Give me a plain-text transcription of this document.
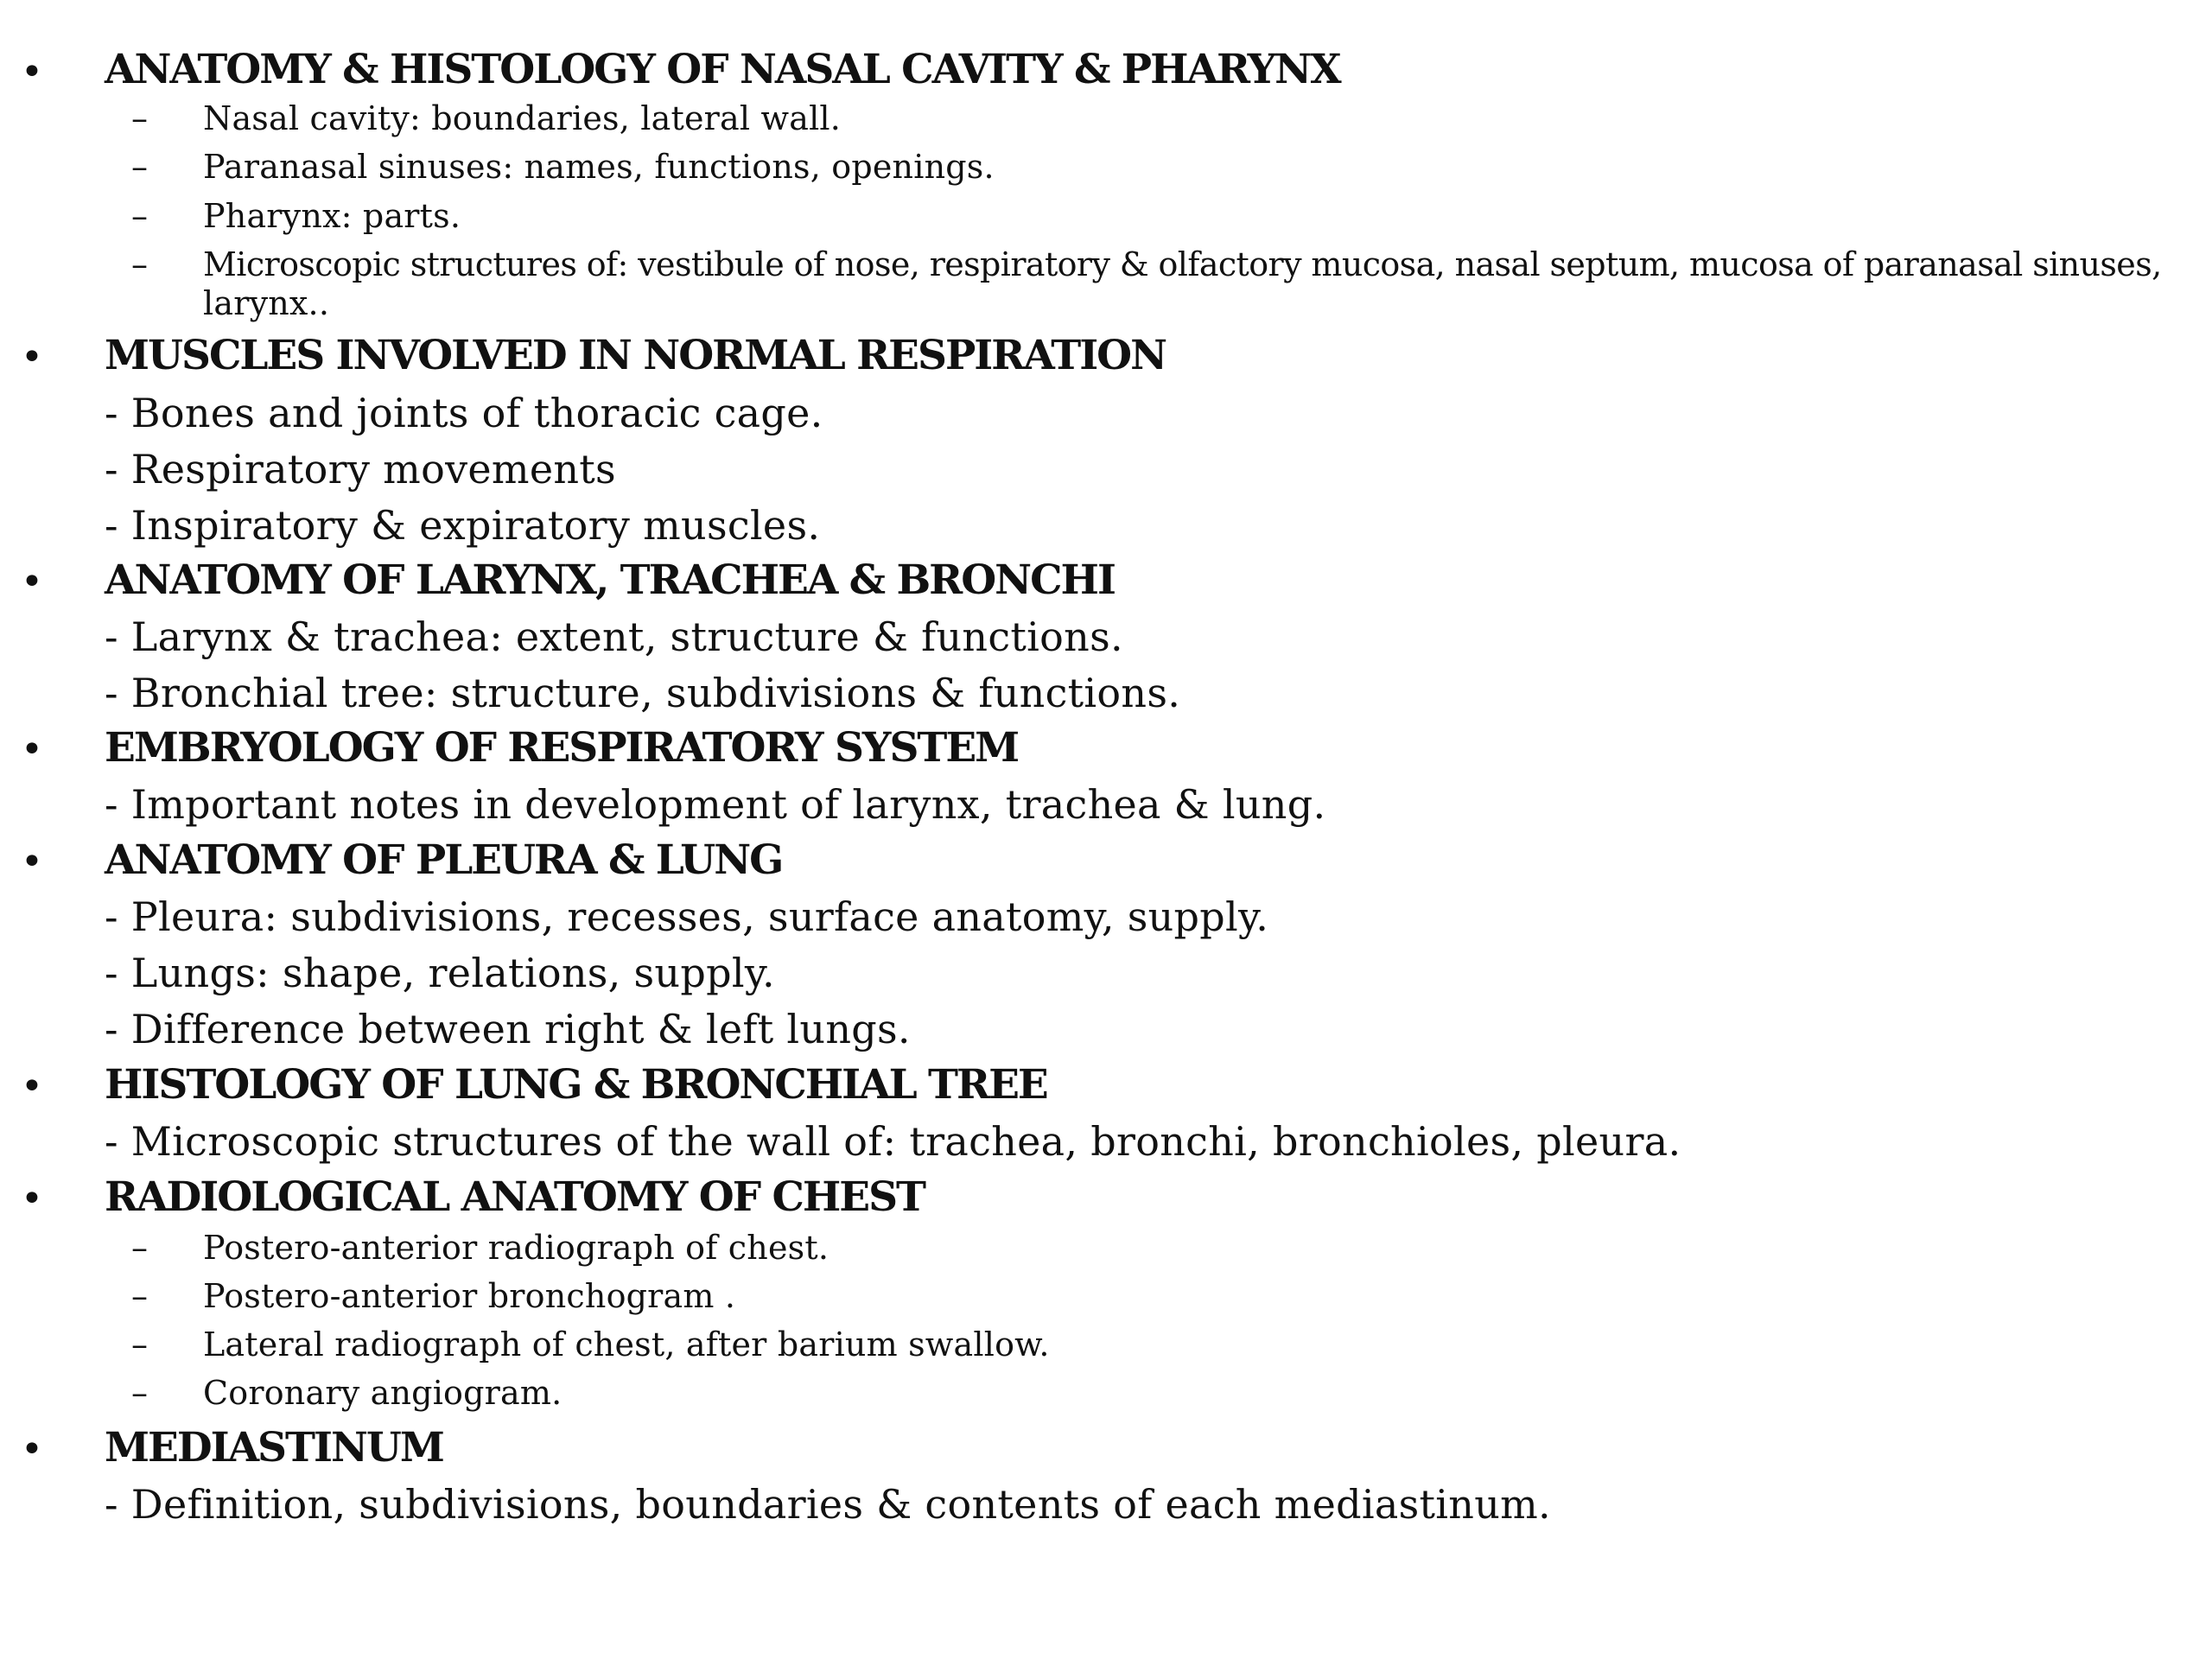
• ANATOMY & HISTOLOGY OF NASAL CAVITY & PHARYNX
– Nasal cavity: boundaries, lateral wall.
– Paranasal sinuses: names, functions, openings.
– Pharynx: parts.
– Microscopic structures of: vestibule of nose, respiratory & olfactory mucosa, nasal septum, mucosa of paranasal sinuses,
larynx..
• MUSCLES INVOLVED IN NORMAL RESPIRATION
- Bones and joints of thoracic cage.
- Respiratory movements
- Inspiratory & expiratory muscles.
• ANATOMY OF LARYNX, TRACHEA & BRONCHI
- Larynx & trachea: extent, structure & functions.
- Bronchial tree: structure, subdivisions & functions.
• EMBRYOLOGY OF RESPIRATORY SYSTEM
- Important notes in development of larynx, trachea & lung.
• ANATOMY OF PLEURA & LUNG
- Pleura: subdivisions, recesses, surface anatomy, supply.
- Lungs: shape, relations, supply.
- Difference between right & left lungs.
• HISTOLOGY OF LUNG & BRONCHIAL TREE
- Microscopic structures of the wall of: trachea, bronchi, bronchioles, pleura.
• RADIOLOGICAL ANATOMY OF CHEST
– Postero-anterior radiograph of chest.
– Postero-anterior bronchogram .
– Lateral radiograph of chest, after barium swallow.
– Coronary angiogram.
• MEDIASTINUM
- Definition, subdivisions, boundaries & contents of each mediastinum.
